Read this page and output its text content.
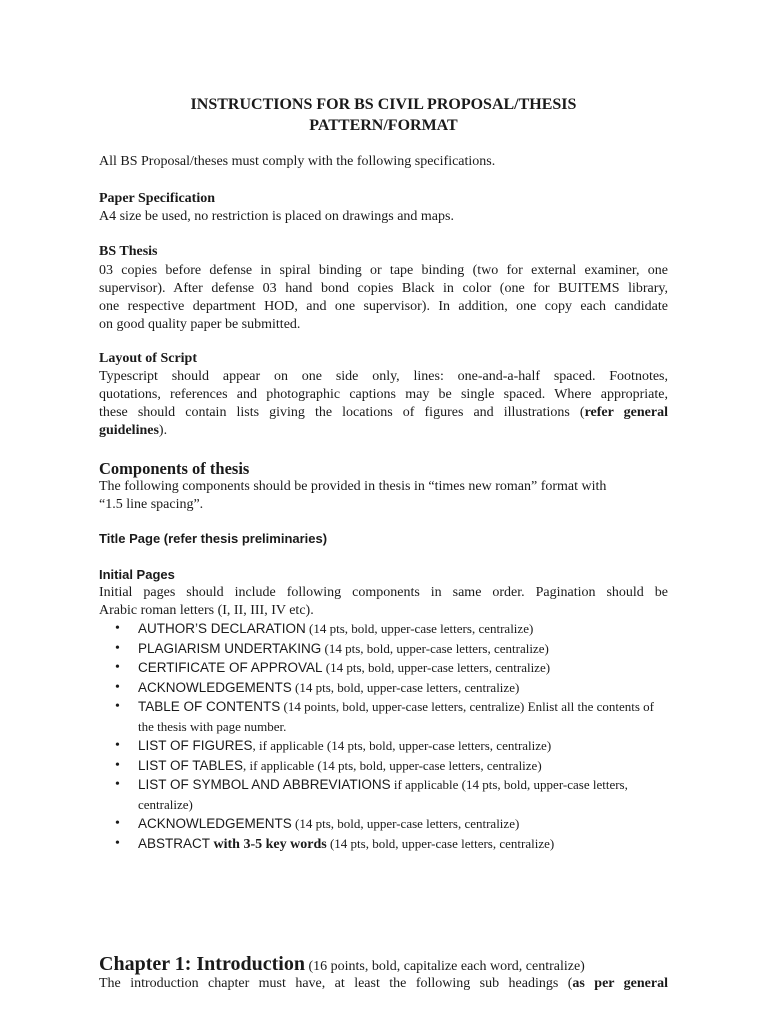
INSTRUCTIONS FOR BS CIVIL PROPOSAL/THESIS
PATTERN/FORMAT

All BS Proposal/theses must comply with the following specifications.

Paper Specification

A4 size be used, no restriction is placed on drawings and maps.

BS Thesis

03 copies before defense in spiral binding or tape binding (two for external examiner, one
supervisor). After defense 03 hand bond copies Black in color (one for BUITEMS library,
one respective department HOD, and one supervisor). In addition, one copy each candidate
on good quality paper be submitted.

Layout of Script

Typescript should appear on one side only, lines: one-and-a-half spaced. Footnotes,
quotations, references and photographic captions may be single spaced. Where appropriate,
these should contain lists giving the locations of figures and illustrations (refer general
guidelines).

Components of thesis

The following components should be provided in thesis in “times new roman” format with
“1.5 line spacing”.

Title Page (refer thesis preliminaries)

Initial Pages

Initial pages should include following components in same order. Pagination should be
Arabic roman letters (I, II, III, IV etc).
• AUTHOR’S DECLARATION (14 pts, bold, upper-case letters, centralize)
• PLAGIARISM UNDERTAKING (14 pts, bold, upper-case letters, centralize)
• CERTIFICATE OF APPROVAL (14 pts, bold, upper-case letters, centralize)
• ACKNOWLEDGEMENTS (14 pts, bold, upper-case letters, centralize)
• TABLE OF CONTENTS (14 points, bold, upper-case letters, centralize) Enlist all the contents of the thesis with page number.
• LIST OF FIGURES, if applicable (14 pts, bold, upper-case letters, centralize)
• LIST OF TABLES, if applicable (14 pts, bold, upper-case letters, centralize)
• LIST OF SYMBOL AND ABBREVIATIONS if applicable (14 pts, bold, upper-case letters, centralize)
• ACKNOWLEDGEMENTS (14 pts, bold, upper-case letters, centralize)
• ABSTRACT with 3-5 key words (14 pts, bold, upper-case letters, centralize)
Chapter 1: Introduction (16 points, bold, capitalize each word, centralize)
The introduction chapter must have, at least the following sub headings (as per general
